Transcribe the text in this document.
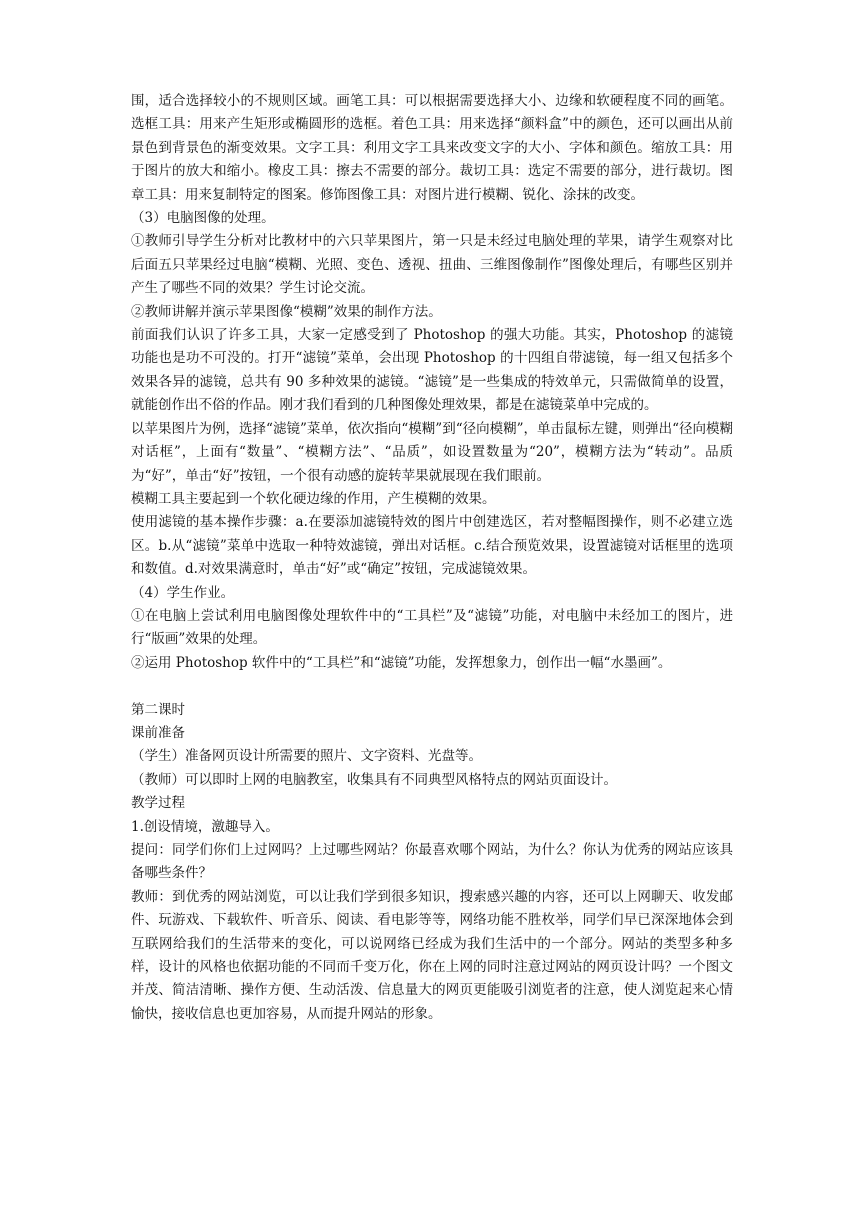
围，适合选择较小的不规则区域。画笔工具：可以根据需要选择大小、边缘和软硬程度不同的画笔。选框工具：用来产生矩形或椭圆形的选框。着色工具：用来选择“颜料盒”中的颜色，还可以画出从前景色到背景色的渐变效果。文字工具：利用文字工具来改变文字的大小、字体和颜色。缩放工具：用于图片的放大和缩小。橡皮工具：擦去不需要的部分。裁切工具：选定不需要的部分，进行裁切。图章工具：用来复制特定的图案。修饰图像工具：对图片进行模糊、锐化、涂抹的改变。

（3）电脑图像的处理。

①教师引导学生分析对比教材中的六只苹果图片，第一只是未经过电脑处理的苹果，请学生观察对比后面五只苹果经过电脑“模糊、光照、变色、透视、扭曲、三维图像制作”图像处理后，有哪些区别并产生了哪些不同的效果？学生讨论交流。

②教师讲解并演示苹果图像“模糊”效果的制作方法。

前面我们认识了许多工具，大家一定感受到了 Photoshop 的强大功能。其实，Photoshop 的滤镜功能也是功不可没的。打开“滤镜”菜单，会出现 Photoshop 的十四组自带滤镜，每一组又包括多个效果各异的滤镜，总共有 90 多种效果的滤镜。“滤镜”是一些集成的特效单元，只需做简单的设置，就能创作出不俗的作品。刚才我们看到的几种图像处理效果，都是在滤镜菜单中完成的。

以苹果图片为例，选择“滤镜”菜单，依次指向“模糊”到“径向模糊”，单击鼠标左键，则弹出“径向模糊对话框”，上面有“数量”、“模糊方法”、“品质”，如设置数量为“20”，模糊方法为“转动”。品质为“好”，单击“好”按钮，一个很有动感的旋转苹果就展现在我们眼前。

模糊工具主要起到一个软化硬边缘的作用，产生模糊的效果。

使用滤镜的基本操作步骤：a.在要添加滤镜特效的图片中创建选区，若对整幅图操作，则不必建立选区。b.从“滤镜”菜单中选取一种特效滤镜，弹出对话框。c.结合预览效果，设置滤镜对话框里的选项和数值。d.对效果满意时，单击“好”或“确定”按钮，完成滤镜效果。

（4）学生作业。

①在电脑上尝试利用电脑图像处理软件中的“工具栏”及“滤镜”功能，对电脑中未经加工的图片，进行“版画”效果的处理。

②运用 Photoshop 软件中的“工具栏”和“滤镜”功能，发挥想象力，创作出一幅“水墨画”。

第二课时

课前准备

（学生）准备网页设计所需要的照片、文字资料、光盘等。

（教师）可以即时上网的电脑教室，收集具有不同典型风格特点的网站页面设计。

教学过程

1.创设情境，激趣导入。

提问：同学们你们上过网吗？上过哪些网站？你最喜欢哪个网站，为什么？你认为优秀的网站应该具备哪些条件？

教师：到优秀的网站浏览，可以让我们学到很多知识，搜索感兴趣的内容，还可以上网聊天、收发邮件、玩游戏、下载软件、听音乐、阅读、看电影等等，网络功能不胜枚举，同学们早已深深地体会到互联网给我们的生活带来的变化，可以说网络已经成为我们生活中的一个部分。网站的类型多种多样，设计的风格也依据功能的不同而千变万化，你在上网的同时注意过网站的网页设计吗？一个图文并茂、简洁清晰、操作方便、生动活泼、信息量大的网页更能吸引浏览者的注意，使人浏览起来心情愉快，接收信息也更加容易，从而提升网站的形象。
